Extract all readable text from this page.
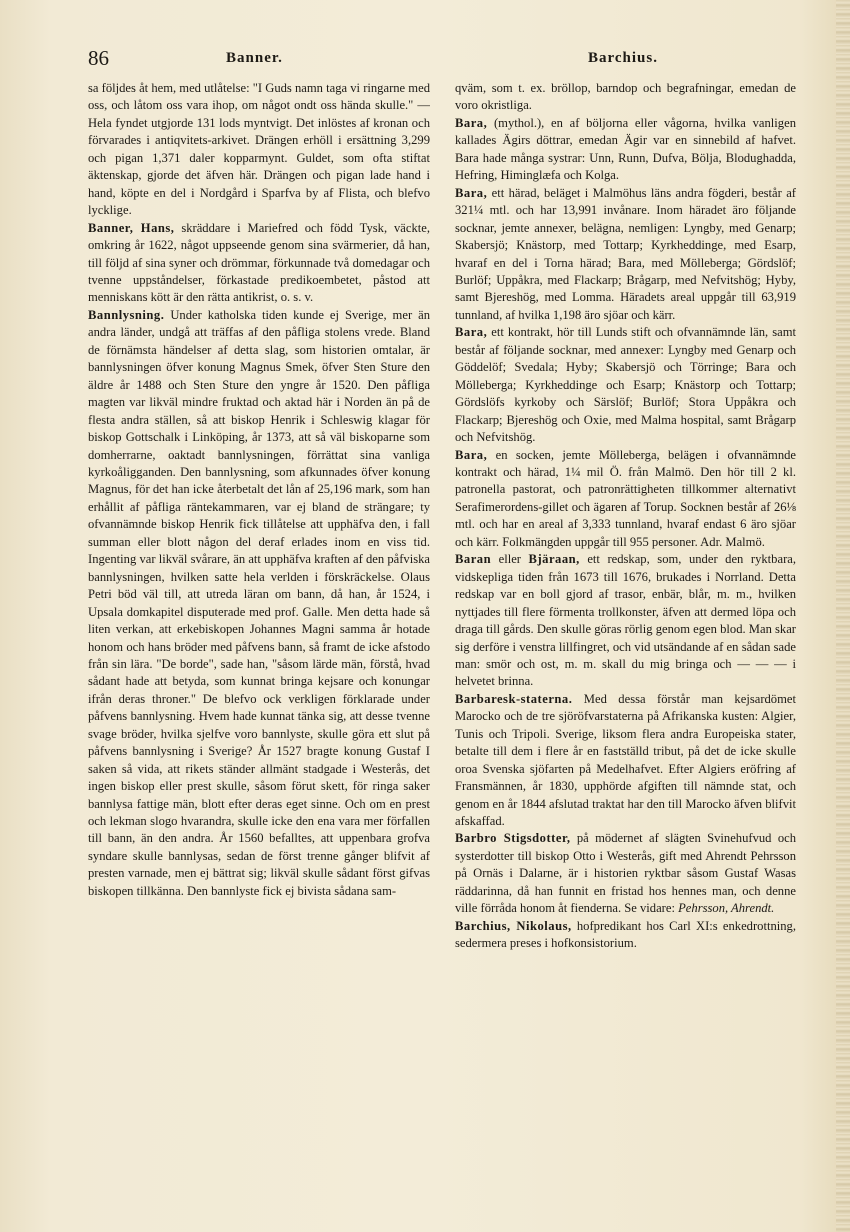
86	Banner.	Barchius.

sa följdes åt hem, med utlåtelse: "I Guds namn taga vi ringarne med oss, och låtom oss vara ihop, om något ondt oss hända skulle." — Hela fyndet utgjorde 131 lods myntvigt. Det inlöstes af kronan och förvarades i antiqvitets-arkivet. Drängen erhöll i ersättning 3,299 och pigan 1,371 daler kopparmynt. Guldet, som ofta stiftat äktenskap, gjorde det äfven här. Drängen och pigan lade hand i hand, köpte en del i Nordgård i Sparfva by af Flista, och blefvo lycklige.

Banner, Hans, skräddare i Mariefred och född Tysk, väckte, omkring år 1622, något uppseende genom sina svärmerier, då han, till följd af sina syner och drömmar, förkunnade två domedagar och tvenne uppståndelser, förkastade predikoembetet, påstod att menniskans kött är den rätta antikrist, o. s. v.

Bannlysning. Under katholska tiden kunde ej Sverige, mer än andra länder, undgå att träffas af den påfliga stolens vrede. Bland de förnämsta händelser af detta slag, som historien omtalar, är bannlysningen öfver konung Magnus Smek, öfver Sten Sture den äldre år 1488 och Sten Sture den yngre år 1520. Den påfliga magten var likväl mindre fruktad och aktad här i Norden än på de flesta andra ställen, så att biskop Henrik i Schleswig klagar för biskop Gottschalk i Linköping, år 1373, att så väl biskoparne som domherrarne, oaktadt bannlysningen, förrättat sina vanliga kyrkoåligganden. Den bannlysning, som afkunnades öfver konung Magnus, för det han icke återbetalt det lån af 25,196 mark, som han erhållit af påfliga räntekammaren, var ej bland de strängare; ty ofvannämnde biskop Henrik fick tillåtelse att upphäfva den, i fall summan eller blott någon del deraf erlades inom en viss tid. Ingenting var likväl svårare, än att upphäfva kraften af den påfviska bannlysningen, hvilken satte hela verlden i förskräckelse. Olaus Petri böd väl till, att utreda läran om bann, då han, år 1524, i Upsala domkapitel disputerade med prof. Galle. Men detta hade så liten verkan, att erkebiskopen Johannes Magni samma år hotade honom och hans bröder med påfvens bann, så framt de icke afstodo från sin lära. "De borde", sade han, "såsom lärde män, förstå, hvad sådant hade att betyda, som kunnat bringa kejsare och konungar ifrån deras throner." De blefvo ock verkligen förklarade under påfvens bannlysning. Hvem hade kunnat tänka sig, att desse tvenne svage bröder, hvilka sjelfve voro bannlyste, skulle göra ett slut på påfvens bannlysning i Sverige? År 1527 bragte konung Gustaf I saken så vida, att rikets ständer allmänt stadgade i Westerås, det ingen biskop eller prest skulle, såsom förut skett, för ringa saker bannlysa fattige män, blott efter deras eget sinne. Och om en prest och lekman slogo hvarandra, skulle icke den ena vara mer förfallen till bann, än den andra. År 1560 befalltes, att uppenbara grofva syndare skulle bannlysas, sedan de först trenne gånger blifvit af presten varnade, men ej bättrat sig; likväl skulle sådant först gifvas biskopen tillkänna. Den bannlyste fick ej bivista sådana sam-

qväm, som t. ex. bröllop, barndop och begrafningar, emedan de voro okristliga.

Bara, (mythol.), en af böljorna eller vågorna, hvilka vanligen kallades Ägirs döttrar, emedan Ägir var en sinnebild af hafvet. Bara hade många systrar: Unn, Runn, Dufva, Bölja, Blodughadda, Hefring, Himinglæfa och Kolga.

Bara, ett härad, beläget i Malmöhus läns andra fögderi, består af 321¼ mtl. och har 13,991 invånare. Inom häradet äro följande socknar, jemte annexer, belägna, nemligen: Lyngby, med Genarp; Skabersjö; Knästorp, med Tottarp; Kyrkheddinge, med Esarp, hvaraf en del i Torna härad; Bara, med Mölleberga; Gördslöf; Burlöf; Uppåkra, med Flackarp; Brågarp, med Nefvitshög; Hyby, samt Bjereshög, med Lomma. Häradets areal uppgår till 63,919 tunnland, af hvilka 1,198 äro sjöar och kärr.

Bara, ett kontrakt, hör till Lunds stift och ofvannämnde län, samt består af följande socknar, med annexer: Lyngby med Genarp och Göddelöf; Svedala; Hyby; Skabersjö och Törringe; Bara och Mölleberga; Kyrkheddinge och Esarp; Knästorp och Tottarp; Gördslöfs kyrkoby och Särslöf; Burlöf; Stora Uppåkra och Flackarp; Bjereshög och Oxie, med Malma hospital, samt Brågarp och Nefvitshög.

Bara, en socken, jemte Mölleberga, belägen i ofvannämnde kontrakt och härad, 1¼ mil Ö. från Malmö. Den hör till 2 kl. patronella pastorat, och patronrättigheten tillkommer alternativt Serafimerordens-gillet och ägaren af Torup. Socknen består af 26⅛ mtl. och har en areal af 3,333 tunnland, hvaraf endast 6 äro sjöar och kärr. Folkmängden uppgår till 955 personer. Adr. Malmö.

Baran eller Bjäraan, ett redskap, som, under den ryktbara, vidskepliga tiden från 1673 till 1676, brukades i Norrland. Detta redskap var en boll gjord af trasor, enbär, blår, m. m., hvilken nyttjades till flere förmenta trollkonster, äfven att dermed löpa och draga till gårds. Den skulle göras rörlig genom egen blod. Man skar sig derföre i venstra lillfingret, och vid utsändande af en sådan sade man: smör och ost, m. m. skall du mig bringa och — — — i helvetet brinna.

Barbaresk-staterna. Med dessa förstår man kejsardömet Marocko och de tre sjöröfvarstaterna på Afrikanska kusten: Algier, Tunis och Tripoli. Sverige, liksom flera andra Europeiska stater, betalte till dem i flere år en fastställd tribut, på det de icke skulle oroa Svenska sjöfarten på Medelhafvet. Efter Algiers eröfring af Fransmännen, år 1830, upphörde afgiften till nämnde stat, och genom en år 1844 afslutad traktat har den till Marocko äfven blifvit afskaffad.

Barbro Stigsdotter, på mödernet af slägten Svinehufvud och systerdotter till biskop Otto i Westerås, gift med Ahrendt Pehrsson på Ornäs i Dalarne, är i historien ryktbar såsom Gustaf Wasas räddarinna, då han funnit en fristad hos hennes man, och denne ville förråda honom åt fienderna. Se vidare: Pehrsson, Ahrendt.

Barchius, Nikolaus, hofpredikant hos Carl XI:s enkedrottning, sedermera preses i hofkonsistorium.
